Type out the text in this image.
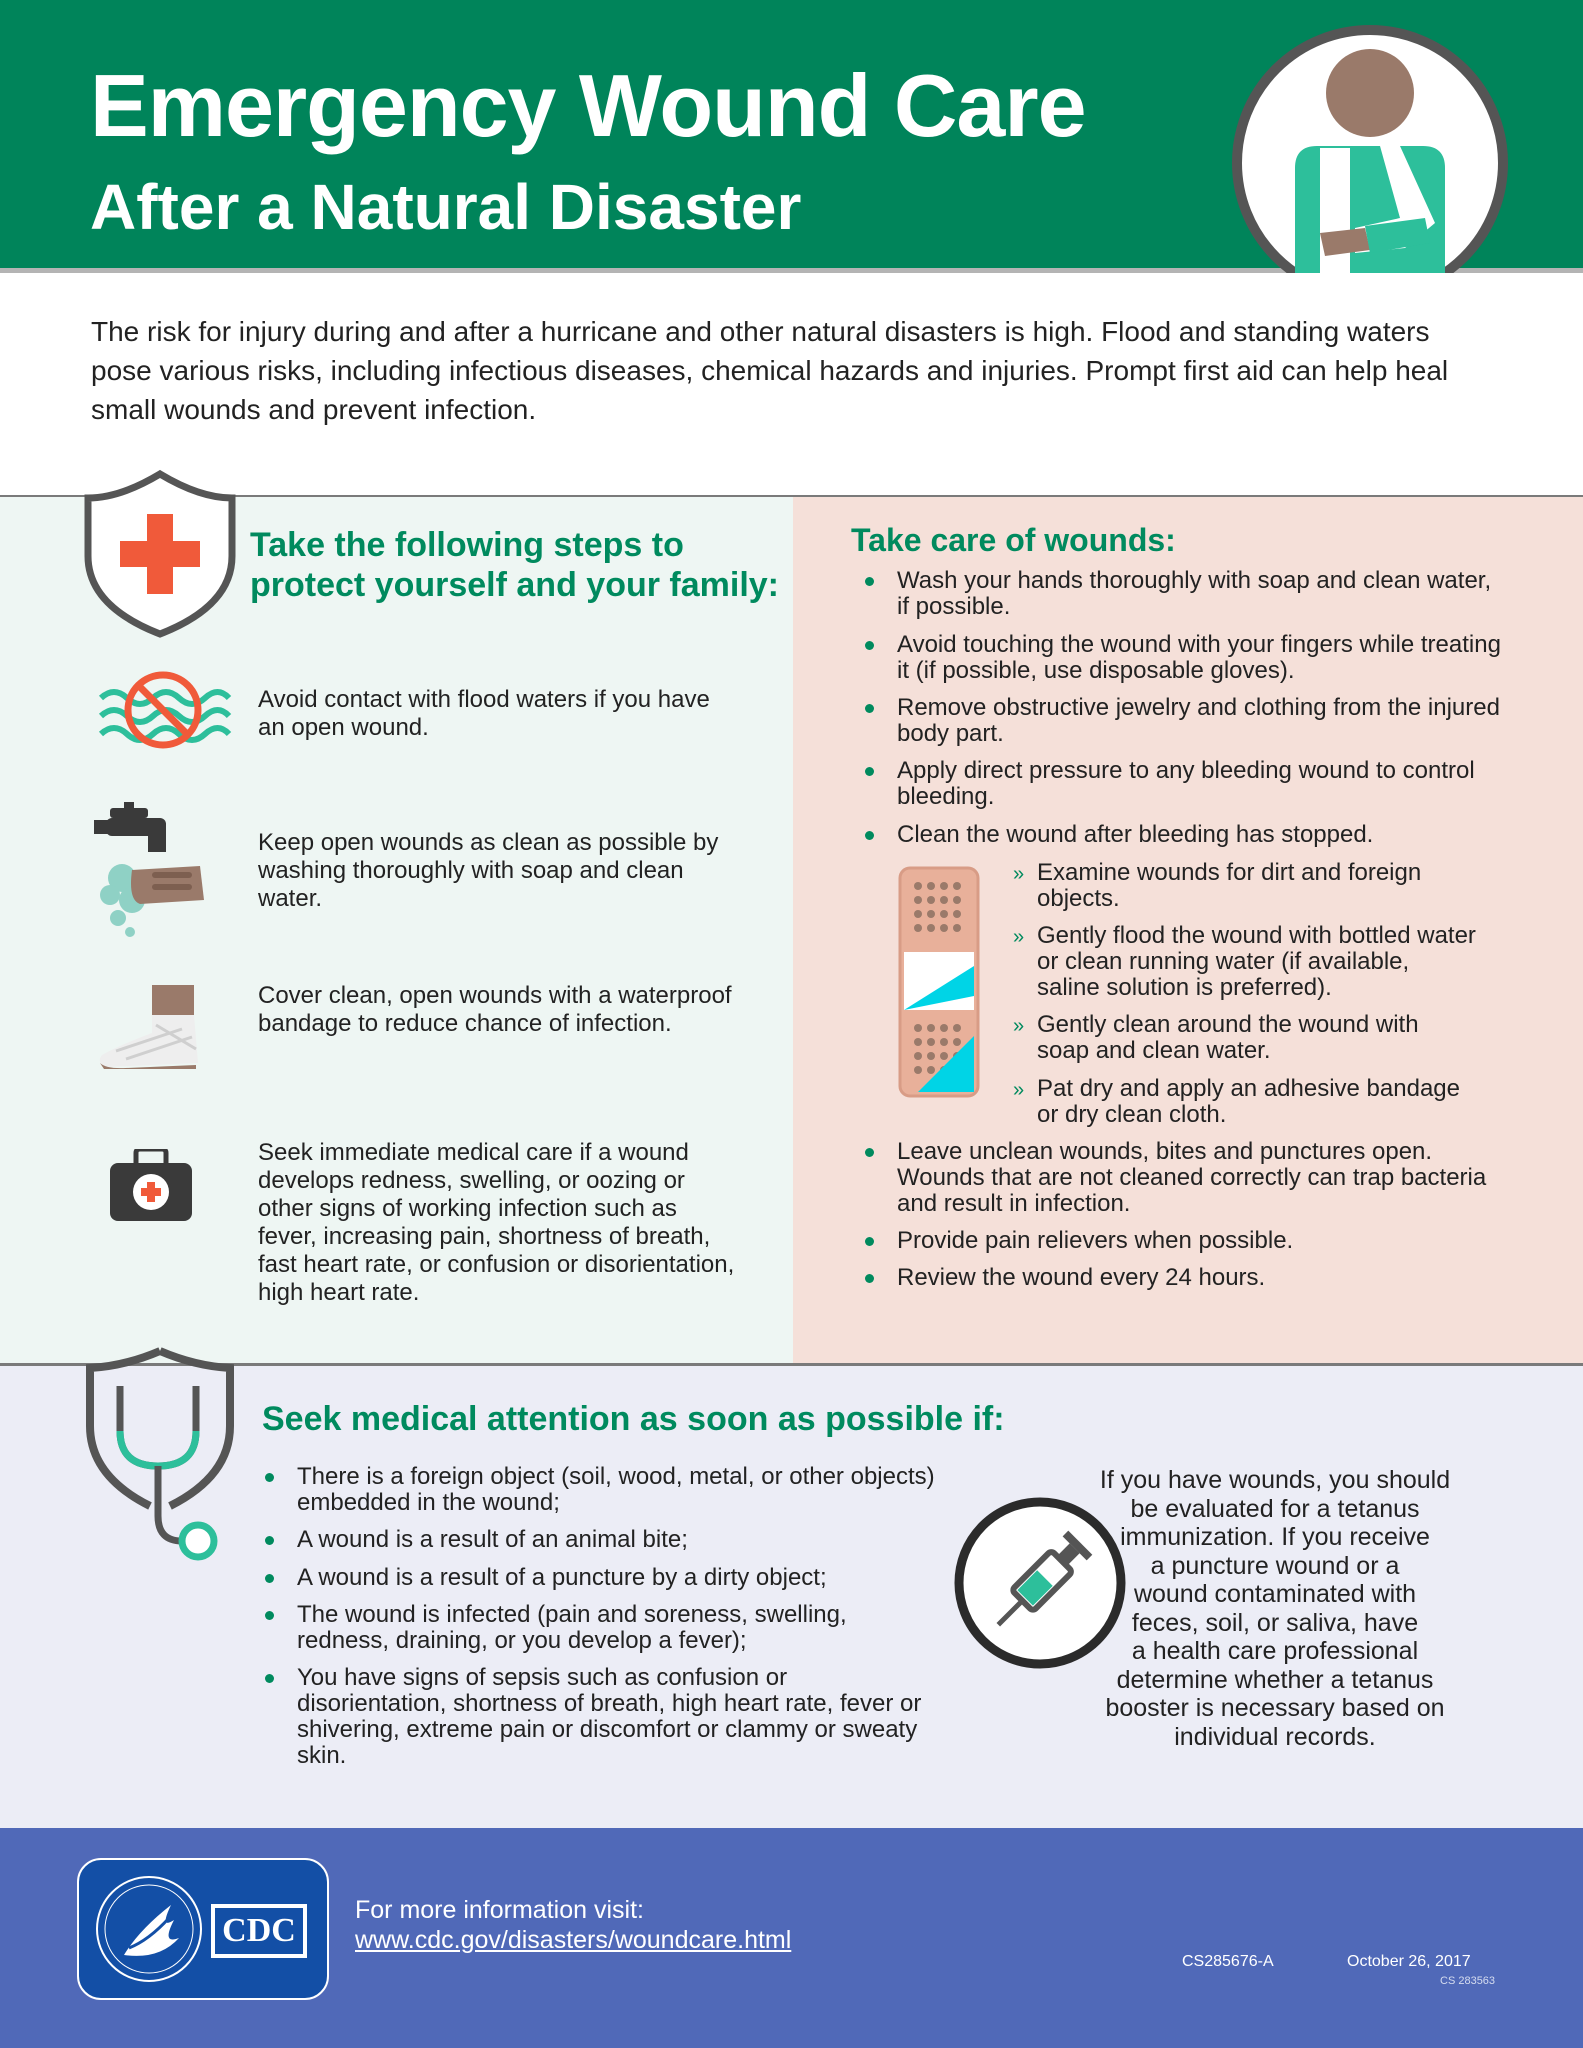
Emergency Wound Care
After a Natural Disaster
The risk for injury during and after a hurricane and other natural disasters is high. Flood and standing waters pose various risks, including infectious diseases, chemical hazards and injuries. Prompt first aid can help heal small wounds and prevent infection.
Take the following steps to
protect yourself and your family:
Avoid contact with flood waters if you have an open wound.
Keep open wounds as clean as possible by washing thoroughly with soap and clean water.
Cover clean, open wounds with a waterproof bandage to reduce chance of infection.
Seek immediate medical care if a wound develops redness, swelling, or oozing or other signs of working infection such as fever, increasing pain, shortness of breath, fast heart rate, or confusion or disorientation, high heart rate.
Take care of wounds:
Wash your hands thoroughly with soap and clean water, if possible.
Avoid touching the wound with your fingers while treating it (if possible, use disposable gloves).
Remove obstructive jewelry and clothing from the injured body part.
Apply direct pressure to any bleeding wound to control bleeding.
Clean the wound after bleeding has stopped.
» Examine wounds for dirt and foreign objects.
» Gently flood the wound with bottled water or clean running water (if available, saline solution is preferred).
» Gently clean around the wound with soap and clean water.
» Pat dry and apply an adhesive bandage or dry clean cloth.
Leave unclean wounds, bites and punctures open. Wounds that are not cleaned correctly can trap bacteria and result in infection.
Provide pain relievers when possible.
Review the wound every 24 hours.
Seek medical attention as soon as possible if:
There is a foreign object (soil, wood, metal, or other objects) embedded in the wound;
A wound is a result of an animal bite;
A wound is a result of a puncture by a dirty object;
The wound is infected (pain and soreness, swelling, redness, draining, or you develop a fever);
You have signs of sepsis such as confusion or disorientation, shortness of breath, high heart rate, fever or shivering, extreme pain or discomfort or clammy or sweaty skin.
If you have wounds, you should
be evaluated for a tetanus
immunization. If you receive
a puncture wound or a
wound contaminated with
feces, soil, or saliva, have
a health care professional
determine whether a tetanus
booster is necessary based on
individual records.
CDC
For more information visit:
www.cdc.gov/disasters/woundcare.html
CS285676-A	October 26, 2017
CS 283563
